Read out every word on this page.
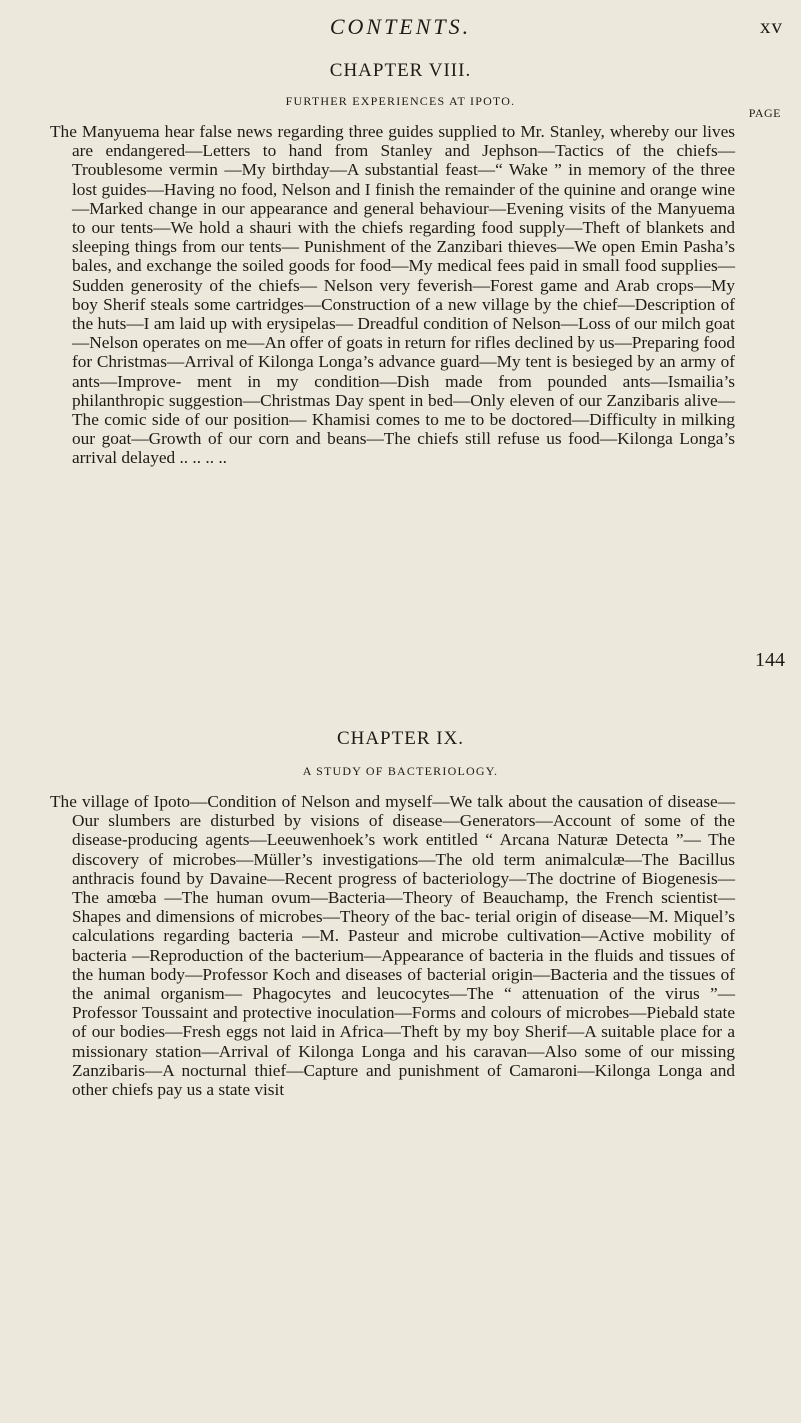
CONTENTS.	xv
CHAPTER VIII.
FURTHER EXPERIENCES AT IPOTO.
PAGE
The Manyuema hear false news regarding three guides supplied to Mr. Stanley, whereby our lives are endangered—Letters to hand from Stanley and Jephson—Tactics of the chiefs—Troublesome vermin —My birthday—A substantial feast—“ Wake ” in memory of the three lost guides—Having no food, Nelson and I finish the remainder of the quinine and orange wine—Marked change in our appearance and general behaviour—Evening visits of the Manyuema to our tents—We hold a shauri with the chiefs regarding food supply—Theft of blankets and sleeping things from our tents— Punishment of the Zanzibari thieves—We open Emin Pasha’s bales, and exchange the soiled goods for food—My medical fees paid in small food supplies—Sudden generosity of the chiefs— Nelson very feverish—Forest game and Arab crops—My boy Sherif steals some cartridges—Construction of a new village by the chief—Description of the huts—I am laid up with erysipelas— Dreadful condition of Nelson—Loss of our milch goat—Nelson operates on me—An offer of goats in return for rifles declined by us—Preparing food for Christmas—Arrival of Kilonga Longa’s advance guard—My tent is besieged by an army of ants—Improve- ment in my condition—Dish made from pounded ants—Ismailia’s philanthropic suggestion—Christmas Day spent in bed—Only eleven of our Zanzibaris alive—The comic side of our position— Khamisi comes to me to be doctored—Difficulty in milking our goat—Growth of our corn and beans—The chiefs still refuse us food—Kilonga Longa’s arrival delayed .. .. .. ..
144
CHAPTER IX.
A STUDY OF BACTERIOLOGY.
The village of Ipoto—Condition of Nelson and myself—We talk about the causation of disease—Our slumbers are disturbed by visions of disease—Generators—Account of some of the disease-producing agents—Leeuwenhoek’s work entitled “ Arcana Naturæ Detecta ”— The discovery of microbes—Müller’s investigations—The old term animalculæ—The Bacillus anthracis found by Davaine—Recent progress of bacteriology—The doctrine of Biogenesis—The amœba —The human ovum—Bacteria—Theory of Beauchamp, the French scientist—Shapes and dimensions of microbes—Theory of the bac- terial origin of disease—M. Miquel’s calculations regarding bacteria —M. Pasteur and microbe cultivation—Active mobility of bacteria —Reproduction of the bacterium—Appearance of bacteria in the fluids and tissues of the human body—Professor Koch and diseases of bacterial origin—Bacteria and the tissues of the animal organism— Phagocytes and leucocytes—The “ attenuation of the virus ”— Professor Toussaint and protective inoculation—Forms and colours of microbes—Piebald state of our bodies—Fresh eggs not laid in Africa—Theft by my boy Sherif—A suitable place for a missionary station—Arrival of Kilonga Longa and his caravan—Also some of our missing Zanzibaris—A nocturnal thief—Capture and punishment of Camaroni—Kilonga Longa and other chiefs pay us a state visit
